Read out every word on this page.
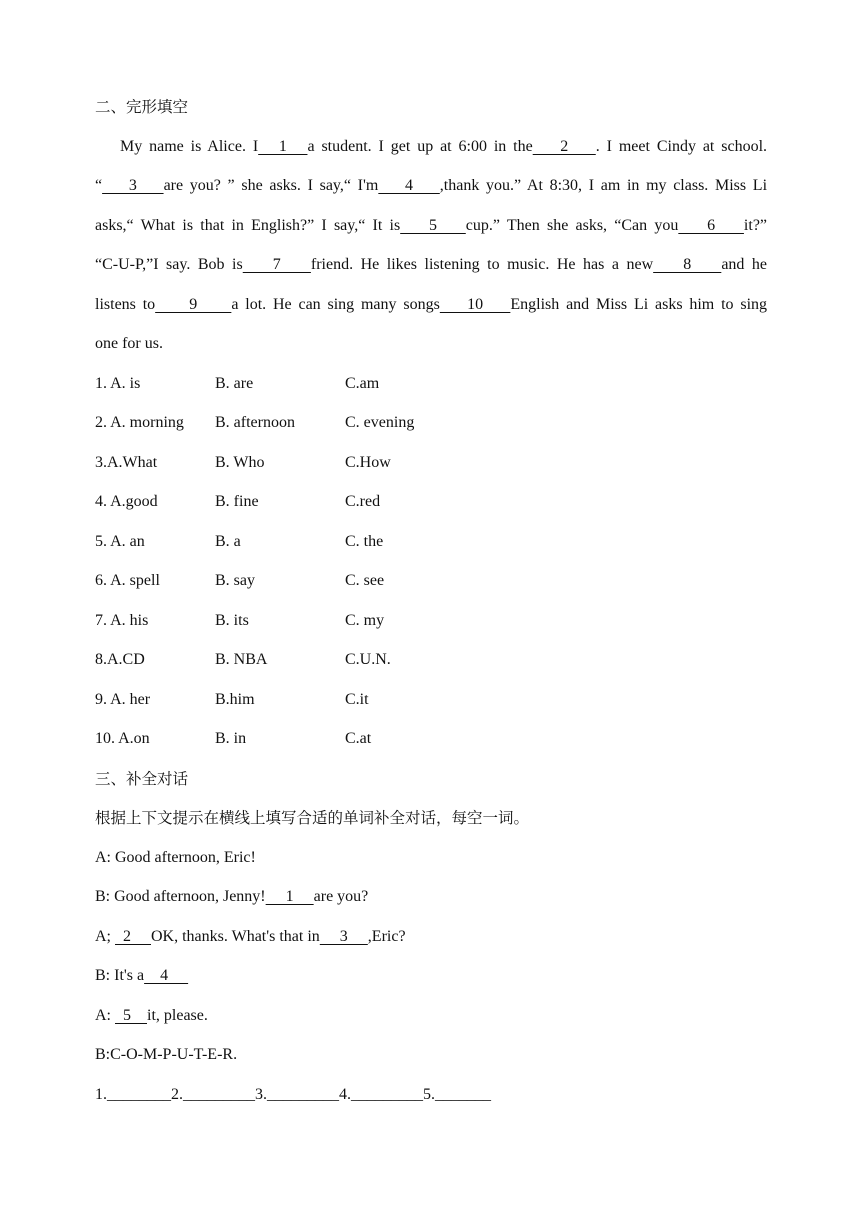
二、完形填空

My name is Alice. I   1   a student. I get up at 6:00 in the    2    . I meet Cindy at school.

“    3    are you? ” she asks. I say,“ I'm    4    ,thank you.” At 8:30, I am in my class. Miss Li

asks,“ What is that in English?” I say,“ It is    5    cup.” Then she asks, “Can you    6    it?”

“C-U-P,”I say. Bob is    7    friend. He likes listening to music. He has a new    8    and he

listens to     9     a lot. He can sing many songs    10    English and Miss Li asks him to sing

one for us.

1. A. is	B. are	C.am

2. A. morning B. afternoon	C. evening

3.A.What	B. Who	C.How

4. A.good	B. fine	C.red

5. A. an	B. a	C. the

6. A. spell	B. say	C. see

7. A. his	B. its	C. my

8.A.CD	B. NBA	C.U.N.

9. A. her	B.him	C.it

10. A.on	B. in	C.at

三、补全对话

根据上下文提示在横线上填写合适的单词补全对话，每空一词。

A: Good afternoon, Eric!

B: Good afternoon, Jenny!     1     are you?

A;   2     OK, thanks. What's that in     3     ,Eric?

B: It's a    4

A:   5    it, please.

B:C-O-M-P-U-T-E-R.

1.________2._________3._________4._________5._______
